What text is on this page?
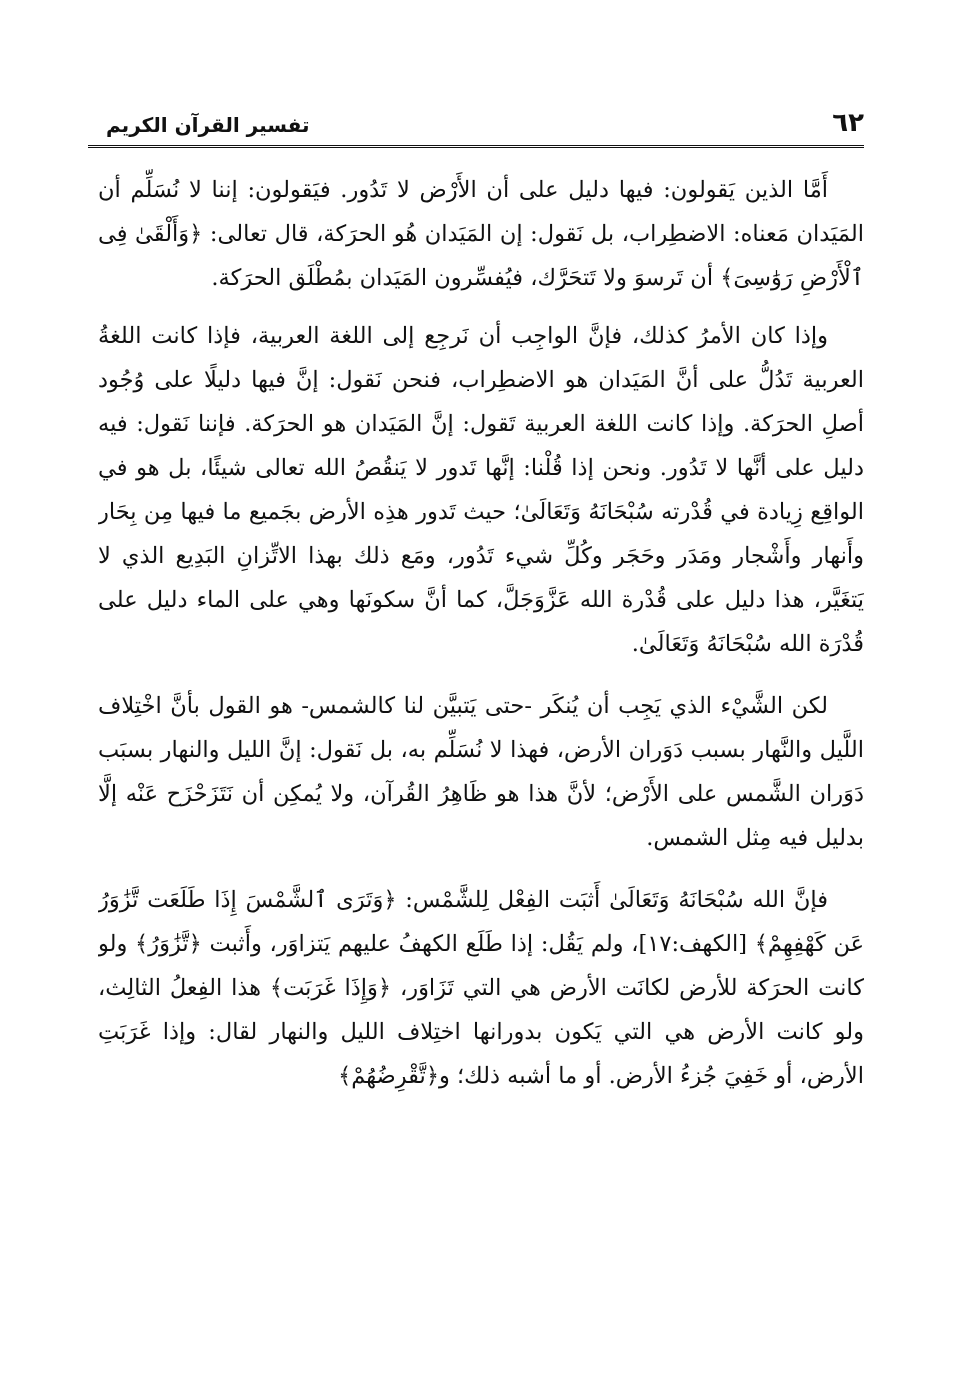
٦٢
تفسير القرآن الكريم

أَمَّا الذين يَقولون: فيها دليل على أن الأَرْض لا تَدُور. فيَقولون: إننا لا نُسَلِّم أن المَيَدان مَعناه: الاضطِراب، بل نَقول: إن المَيَدان هُو الحرَكة، قال تعالى: ﴿وَأَلْقَىٰ فِى ٱلْأَرْضِ رَوَٰسِىَ﴾ أن تَرسوَ ولا تَتحَرَّك، فيُفسِّرون المَيَدان بمُطْلَق الحرَكة.

وإذا كان الأمرُ كذلك، فإنَّ الواجِب أن نَرجِع إلى اللغة العربية، فإذا كانت اللغةُ العربية تَدُلُّ على أنَّ المَيَدان هو الاضطِراب، فنحن نَقول: إنَّ فيها دليلًا على وُجُود أصلِ الحرَكة. وإذا كانت اللغة العربية تَقول: إنَّ المَيَدان هو الحرَكة. فإننا نَقول: فيه دليل على أنَّها لا تَدُور. ونحن إذا قُلْنا: إنَّها تَدور لا يَنقُصُ الله تعالى شيئًا، بل هو في الواقِع زِيادة في قُدْرته سُبْحَانَهُ وَتَعَالَىٰ؛ حيث تَدور هذِه الأرض بجَميع ما فيها مِن بِحَار وأَنهار وأَشْجار ومَدَر وحَجَر وكُلِّ شيء تَدُور، ومَع ذلك بهذا الاتِّزانِ البَدِيع الذي لا يَتغَيَّر، هذا دليل على قُدْرة الله عَزَّوَجَلَّ، كما أنَّ سكونَها وهي على الماء دليل على قُدْرَة الله سُبْحَانَهُ وَتَعَالَىٰ.

لكن الشَّيْء الذي يَجِب أن يُنكَر -حتى يَتبيَّن لنا كالشمس- هو القول بأنَّ اخْتِلاف اللَّيل والنَّهار بسبب دَوَران الأرض، فهذا لا نُسَلِّم به، بل نَقول: إنَّ الليل والنهار بسبَب دَوَران الشَّمس على الأَرْض؛ لأنَّ هذا هو ظَاهِرُ القُرآن، ولا يُمكِن أن نَتَزَحْزَح عَنْه إلَّا بدليل فيه مِثل الشمس.

فإنَّ الله سُبْحَانَهُ وَتَعَالَىٰ أَثبَت الفِعْل لِلشَّمْس: ﴿وَتَرَى ٱلشَّمْسَ إِذَا طَلَعَت تَّزَٰوَرُ عَن كَهْفِهِمْ﴾ [الكهف:١٧]، ولم يَقُل: إذا طَلَع الكهفُ عليهم يَتزاوَر، وأَثبت ﴿تَّزَٰوَرُ﴾ ولو كانت الحرَكة للأرض لكانَت الأرض هي التي تَزَاوَر، ﴿وَإِذَا غَرَبَت﴾ هذا الفِعلُ الثالِث، ولو كانت الأرض هي التي يَكون بدورانها اختِلاف الليل والنهار لقال: وإذا غَرَبَتِ الأرض، أو خَفِيَ جُزءُ الأرض. أو ما أشبه ذلك؛ و﴿تَّقْرِضُهُمْ﴾
